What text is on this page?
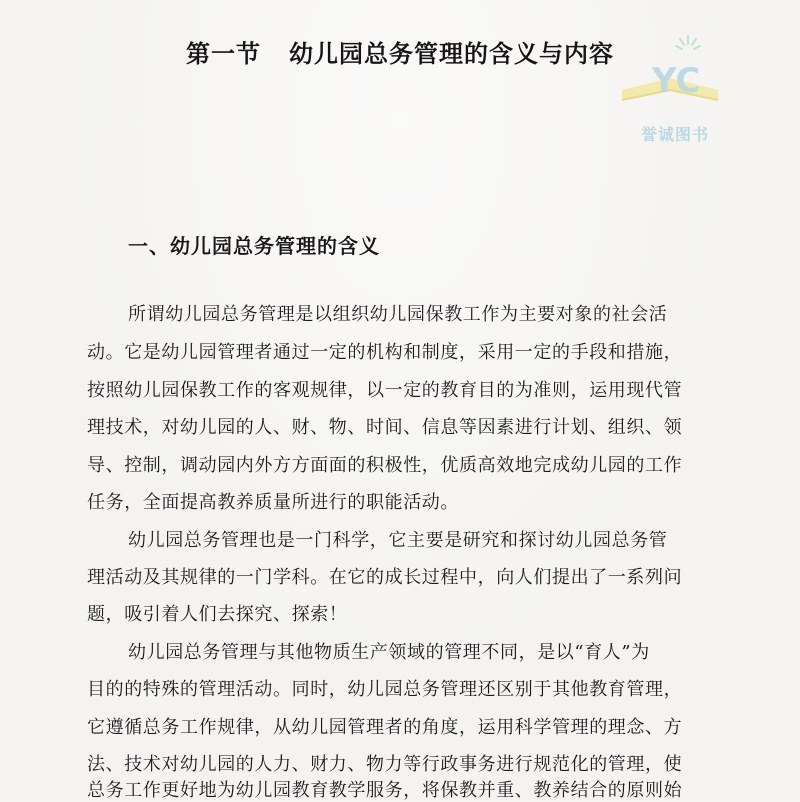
第一节 幼儿园总务管理的含义与内容
YC
誉诚图书
一、幼儿园总务管理的含义
所谓幼儿园总务管理是以组织幼儿园保教工作为主要对象的社会活
动。它是幼儿园管理者通过一定的机构和制度，采用一定的手段和措施，
按照幼儿园保教工作的客观规律，以一定的教育目的为准则，运用现代管
理技术，对幼儿园的人、财、物、时间、信息等因素进行计划、组织、领
导、控制，调动园内外方方面面的积极性，优质高效地完成幼儿园的工作
任务，全面提高教养质量所进行的职能活动。
幼儿园总务管理也是一门科学，它主要是研究和探讨幼儿园总务管
理活动及其规律的一门学科。在它的成长过程中，向人们提出了一系列问
题，吸引着人们去探究、探索！
幼儿园总务管理与其他物质生产领域的管理不同，是以“育人”为
目的的特殊的管理活动。同时，幼儿园总务管理还区别于其他教育管理，
它遵循总务工作规律，从幼儿园管理者的角度，运用科学管理的理念、方
法、技术对幼儿园的人力、财力、物力等行政事务进行规范化的管理，使
总务工作更好地为幼儿园教育教学服务，将保教并重、教养结合的原则始
